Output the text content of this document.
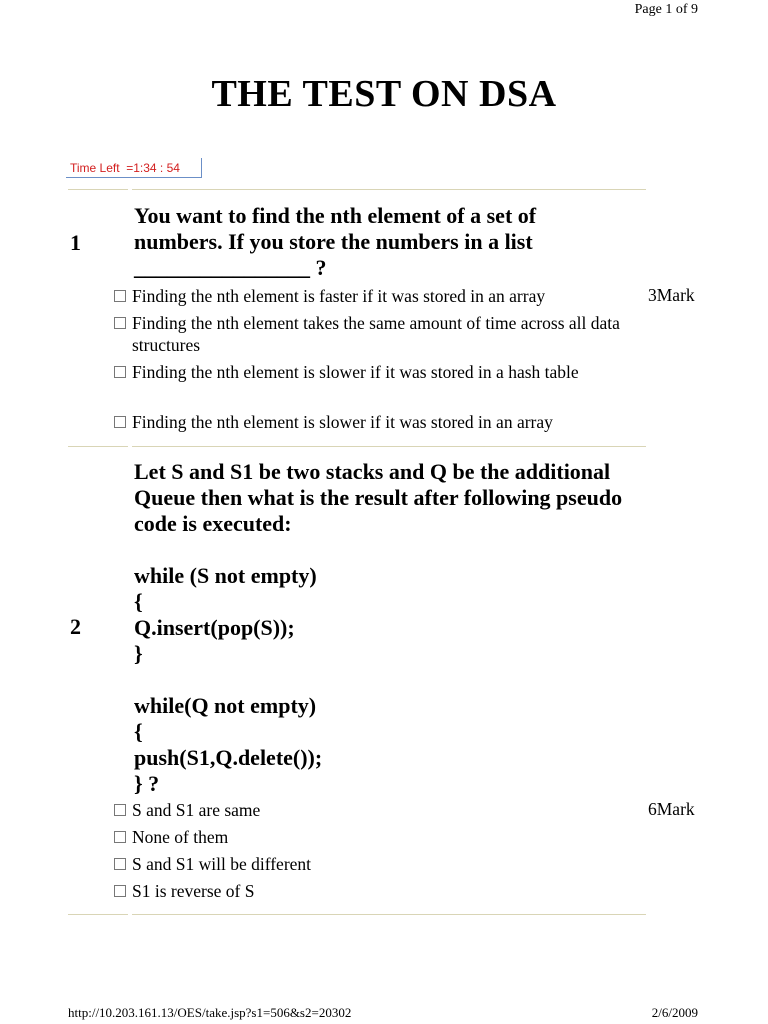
Page 1 of 9
THE TEST ON DSA
Time Left  =1:34 : 54
1
You want to find the nth element of a set of
numbers. If you store the numbers in a list
________________ ?
Finding the nth element is faster if it was stored in an array	3Mark
Finding the nth element takes the same amount of time across all data structures
Finding the nth element is slower if it was stored in a hash table
Finding the nth element is slower if it was stored in an array
2
Let S and S1 be two stacks and Q be the additional
Queue then what is the result after following pseudo
code is executed:
while (S not empty)
{
Q.insert(pop(S));
}
while(Q not empty)
{
push(S1,Q.delete());
} ?
S and S1 are same	6Mark
None of them
S and S1 will be different
S1 is reverse of S
http://10.203.161.13/OES/take.jsp?s1=506&s2=20302	2/6/2009
